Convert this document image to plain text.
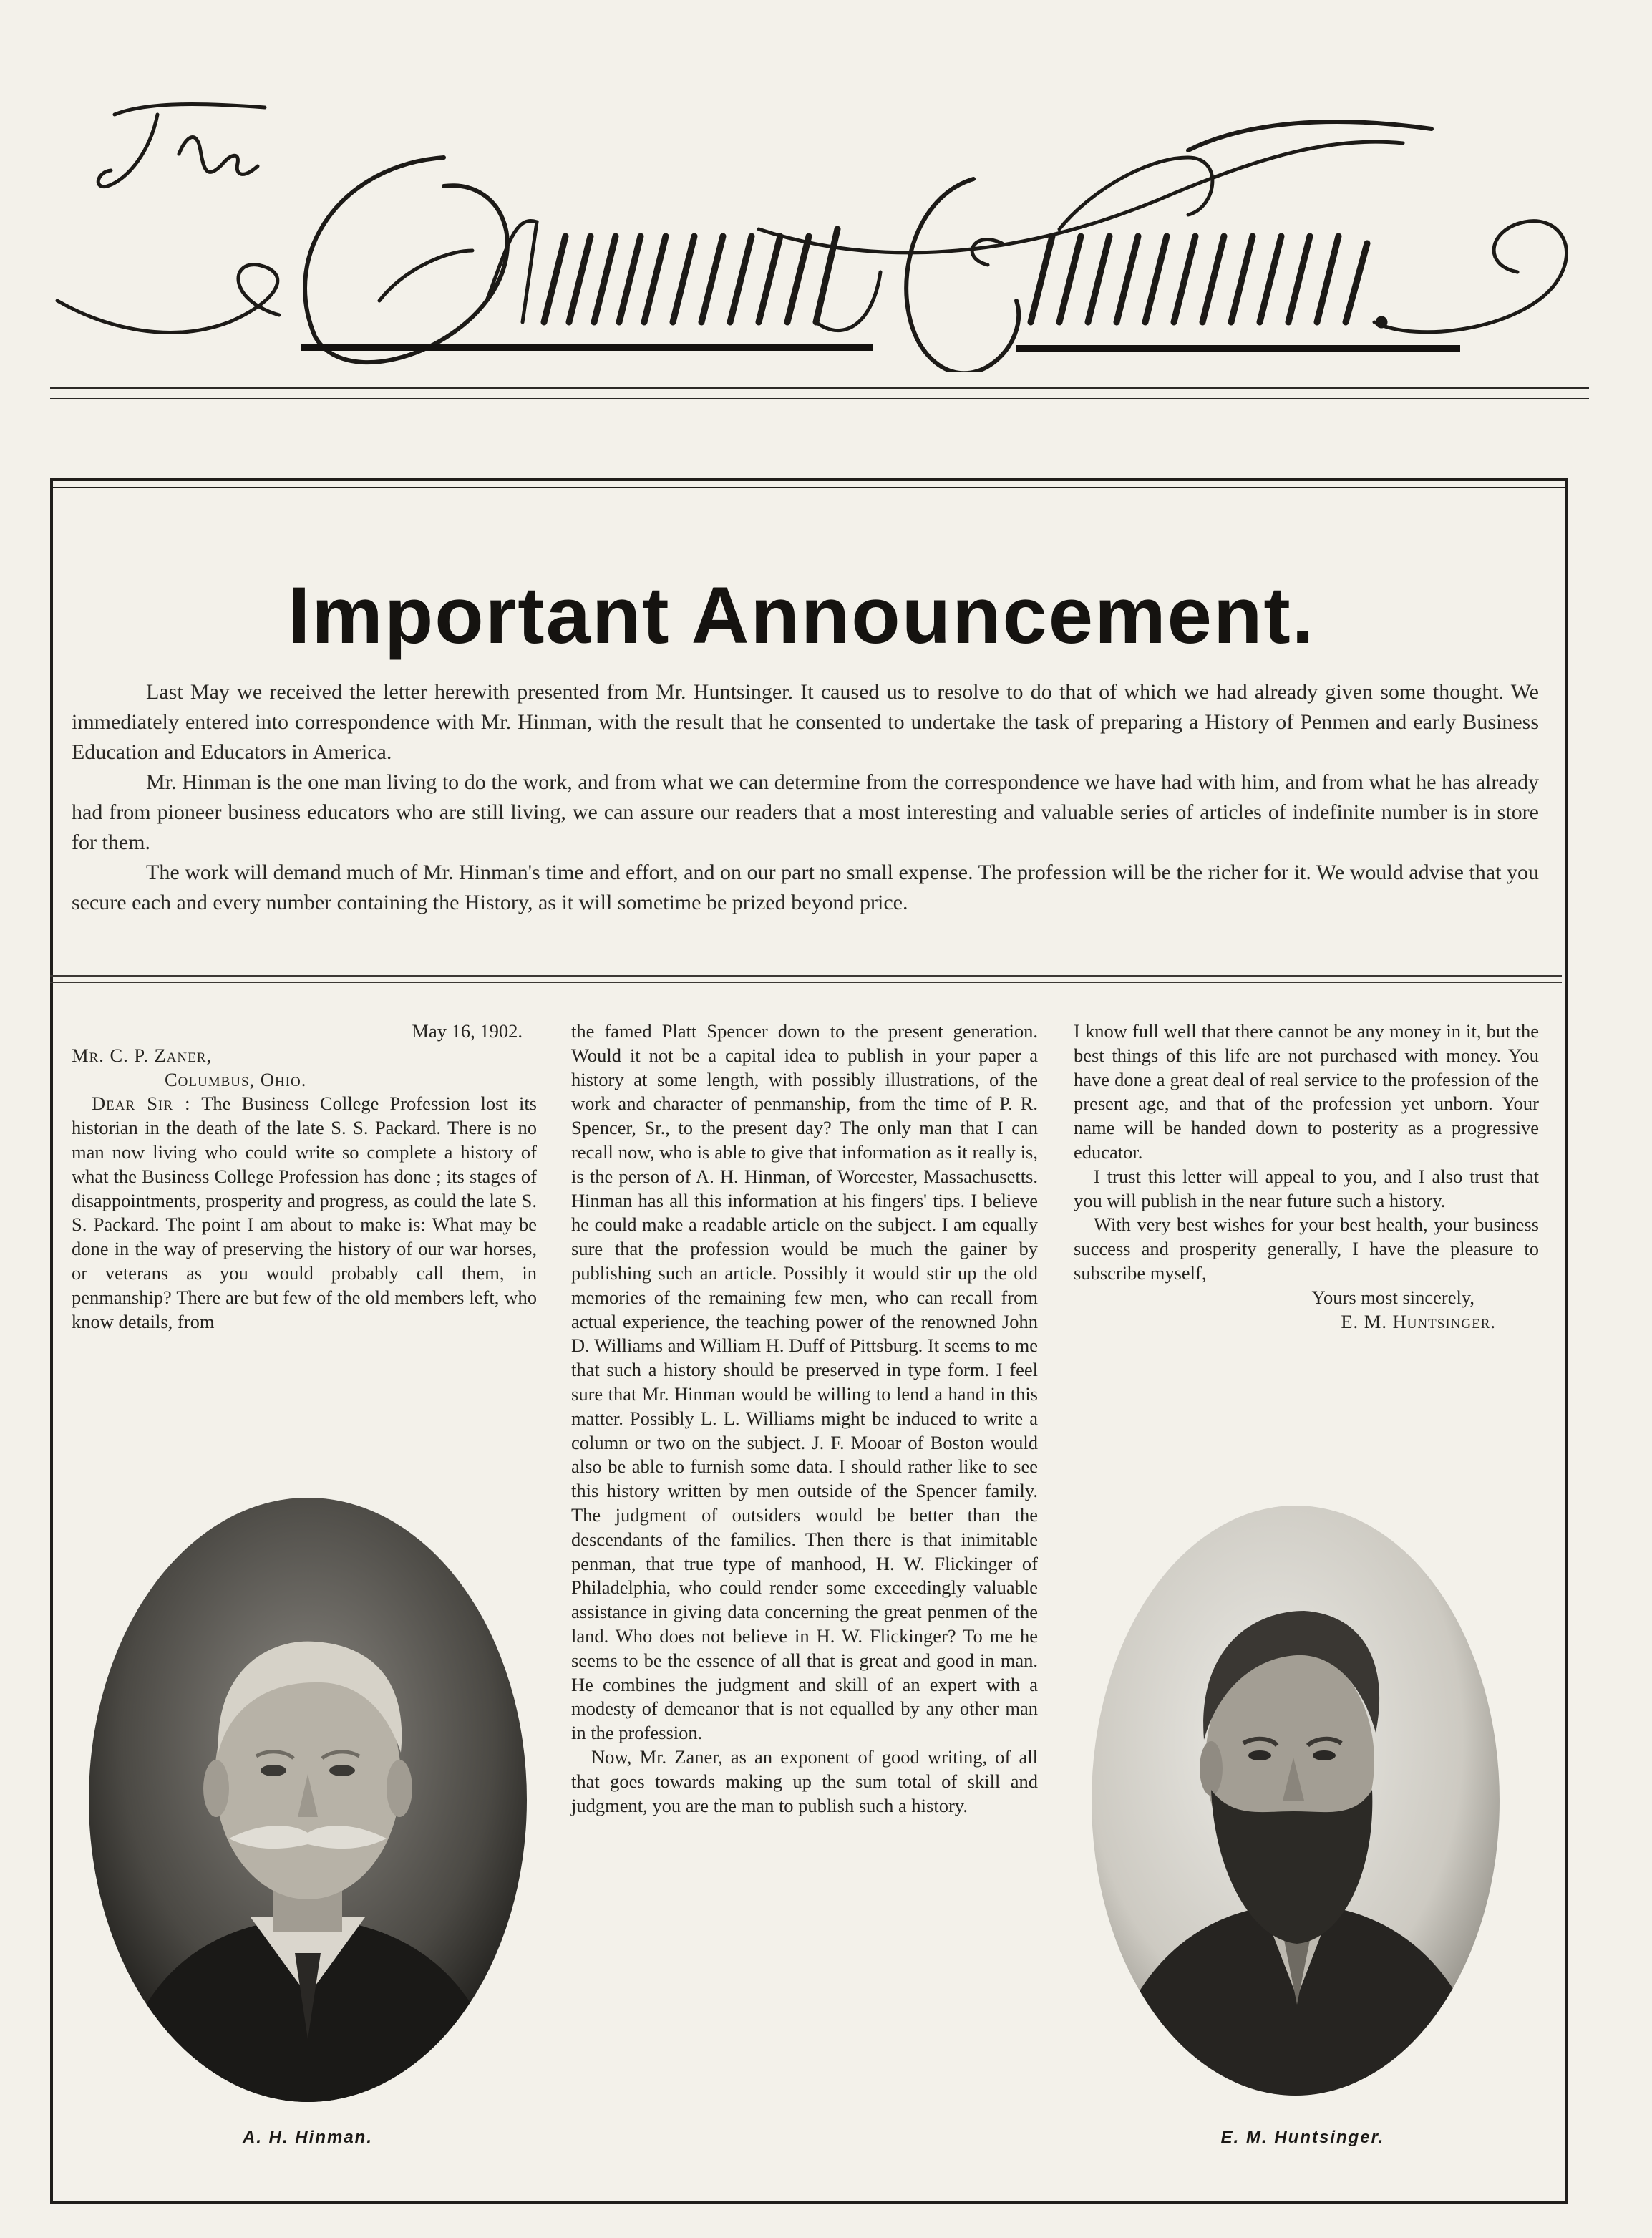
Important Announcement.

Last May we received the letter herewith presented from Mr. Huntsinger. It caused us to resolve to do that of which we had already given some thought. We immediately entered into correspondence with Mr. Hinman, with the result that he consented to undertake the task of preparing a History of Penmen and early Business Education and Educators in America.

Mr. Hinman is the one man living to do the work, and from what we can determine from the correspondence we have had with him, and from what he has already had from pioneer business educators who are still living, we can assure our readers that a most interesting and valuable series of articles of indefinite number is in store for them.

The work will demand much of Mr. Hinman's time and effort, and on our part no small expense. The profession will be the richer for it. We would advise that you secure each and every number containing the History, as it will sometime be prized beyond price.

May 16, 1902.

Mr. C. P. Zaner,

Columbus, Ohio.

Dear Sir : The Business College Profession lost its historian in the death of the late S. S. Packard. There is no man now living who could write so complete a history of what the Business College Profession has done ; its stages of disappointments, prosperity and progress, as could the late S. S. Packard. The point I am about to make is: What may be done in the way of preserving the history of our war horses, or veterans as you would probably call them, in penmanship? There are but few of the old members left, who know details, from

the famed Platt Spencer down to the present generation. Would it not be a capital idea to publish in your paper a history at some length, with possibly illustrations, of the work and character of penmanship, from the time of P. R. Spencer, Sr., to the present day? The only man that I can recall now, who is able to give that information as it really is, is the person of A. H. Hinman, of Worcester, Massachusetts. Hinman has all this information at his fingers' tips. I believe he could make a readable article on the subject. I am equally sure that the profession would be much the gainer by publishing such an article. Possibly it would stir up the old memories of the remaining few men, who can recall from actual experience, the teaching power of the renowned John D. Williams and William H. Duff of Pittsburg. It seems to me that such a history should be preserved in type form. I feel sure that Mr. Hinman would be willing to lend a hand in this matter. Possibly L. L. Williams might be induced to write a column or two on the subject. J. F. Mooar of Boston would also be able to furnish some data. I should rather like to see this history written by men outside of the Spencer family. The judgment of outsiders would be better than the descendants of the families. Then there is that inimitable penman, that true type of manhood, H. W. Flickinger of Philadelphia, who could render some exceedingly valuable assistance in giving data concerning the great penmen of the land. Who does not believe in H. W. Flickinger? To me he seems to be the essence of all that is great and good in man. He combines the judgment and skill of an expert with a modesty of demeanor that is not equalled by any other man in the profession.

Now, Mr. Zaner, as an exponent of good writing, of all that goes towards making up the sum total of skill and judgment, you are the man to publish such a history.

I know full well that there cannot be any money in it, but the best things of this life are not purchased with money. You have done a great deal of real service to the profession of the present age, and that of the profession yet unborn. Your name will be handed down to posterity as a progressive educator.

I trust this letter will appeal to you, and I also trust that you will publish in the near future such a history.

With very best wishes for your best health, your business success and prosperity generally, I have the pleasure to subscribe myself,

Yours most sincerely,

E. M. Huntsinger.

A. H. Hinman.	E. M. Huntsinger.
